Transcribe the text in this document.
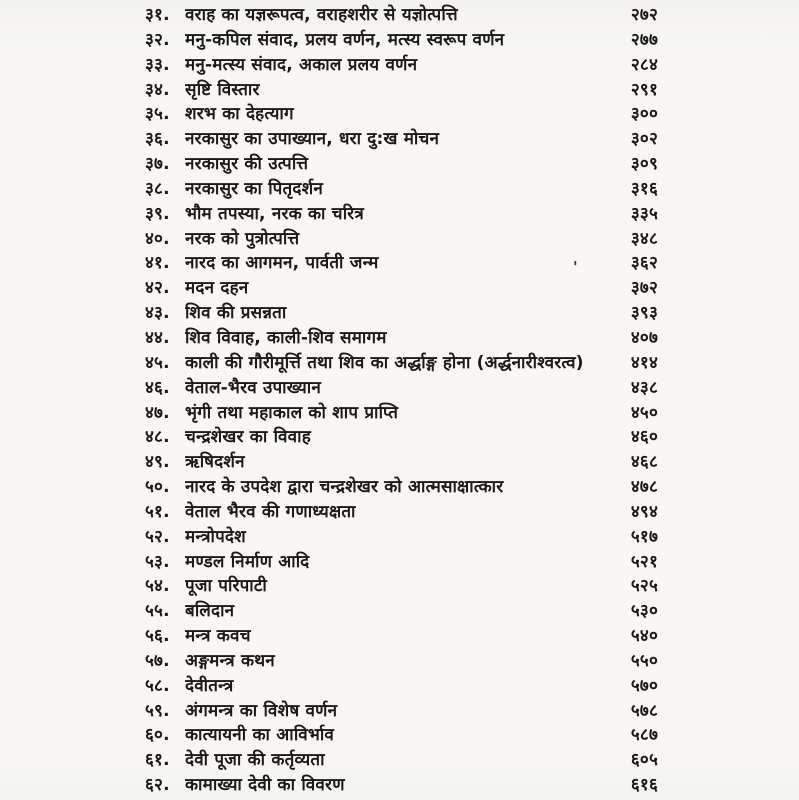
३१. वराह का यज्ञरूपत्व, वराहशरीर से यज्ञोत्पत्ति	२७२
३२. मनु-कपिल संवाद, प्रलय वर्णन, मत्स्य स्वरूप वर्णन	२७७
३३. मनु-मत्स्य संवाद, अकाल प्रलय वर्णन	२८४
३४. सृष्टि विस्तार	२९१
३५. शरभ का देहत्याग	३००
३६. नरकासुर का उपाख्यान, धरा दु:ख मोचन	३०२
३७. नरकासुर की उत्पत्ति	३०९
३८. नरकासुर का पितृदर्शन	३१६
३९. भौम तपस्या, नरक का चरित्र	३३५
४०. नरक को पुत्रोत्पत्ति	३४८
४१. नारद का आगमन, पार्वती जन्म	३६२
४२. मदन दहन	३७२
४३. शिव की प्रसन्नता	३९३
४४. शिव विवाह, काली-शिव समागम	४०७
४५. काली की गौरीमूर्त्ति तथा शिव का अर्द्धाङ्ग होना (अर्द्धनारीश्वरत्व)	४१४
४६. वेताल-भैरव उपाख्यान	४३८
४७. भृंगी तथा महाकाल को शाप प्राप्ति	४५०
४८. चन्द्रशेखर का विवाह	४६०
४९. ऋषिदर्शन	४६८
५०. नारद के उपदेश द्वारा चन्द्रशेखर को आत्मसाक्षात्कार	४७८
५१. वेताल भैरव की गणाध्यक्षता	४९४
५२. मन्त्रोपदेश	५१७
५३. मण्डल निर्माण आदि	५२१
५४. पूजा परिपाटी	५२५
५५. बलिदान	५३०
५६. मन्त्र कवच	५४०
५७. अङ्गमन्त्र कथन	५५०
५८. देवीतन्त्र	५७०
५९. अंगमन्त्र का विशेष वर्णन	५७८
६०. कात्यायनी का आविर्भाव	५८७
६१. देवी पूजा की कर्तृव्यता	६०५
६२. कामाख्या देवी का विवरण	६१६
'
